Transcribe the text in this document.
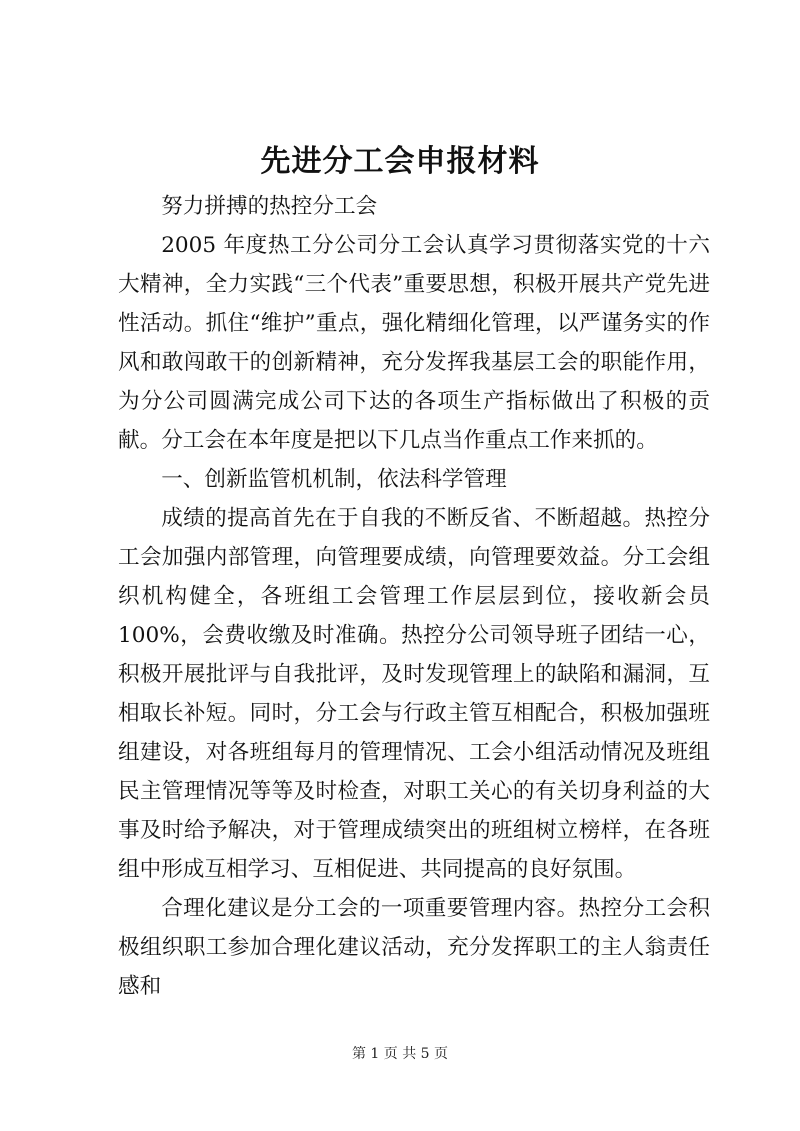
先进分工会申报材料

努力拼搏的热控分工会

2005 年度热工分公司分工会认真学习贯彻落实党的十六大精神，全力实践“三个代表”重要思想，积极开展共产党先进性活动。抓住“维护”重点，强化精细化管理，以严谨务实的作风和敢闯敢干的创新精神，充分发挥我基层工会的职能作用，为分公司圆满完成公司下达的各项生产指标做出了积极的贡献。分工会在本年度是把以下几点当作重点工作来抓的。

一、创新监管机机制，依法科学管理

成绩的提高首先在于自我的不断反省、不断超越。热控分工会加强内部管理，向管理要成绩，向管理要效益。分工会组织机构健全，各班组工会管理工作层层到位，接收新会员 100%，会费收缴及时准确。热控分公司领导班子团结一心，积极开展批评与自我批评，及时发现管理上的缺陷和漏洞，互相取长补短。同时，分工会与行政主管互相配合，积极加强班组建设，对各班组每月的管理情况、工会小组活动情况及班组民主管理情况等等及时检查，对职工关心的有关切身利益的大事及时给予解决，对于管理成绩突出的班组树立榜样，在各班组中形成互相学习、互相促进、共同提高的良好氛围。

合理化建议是分工会的一项重要管理内容。热控分工会积极组织职工参加合理化建议活动，充分发挥职工的主人翁责任感和

第 1 页 共 5 页
